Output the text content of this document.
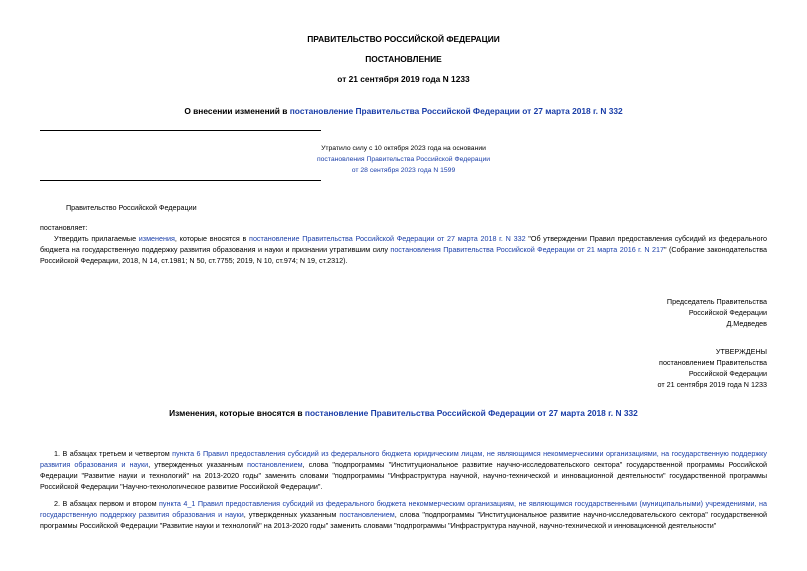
ПРАВИТЕЛЬСТВО РОССИЙСКОЙ ФЕДЕРАЦИИ
ПОСТАНОВЛЕНИЕ
от 21 сентября 2019 года N 1233
О внесении изменений в постановление Правительства Российской Федерации от 27 марта 2018 г. N 332
Утратило силу с 10 октября 2023 года на основании
постановления Правительства Российской Федерации
от 28 сентября 2023 года N 1599
Правительство Российской Федерации
постановляет:
Утвердить прилагаемые изменения, которые вносятся в постановление Правительства Российской Федерации от 27 марта 2018 г. N 332 "Об утверждении Правил предоставления субсидий из федерального бюджета на государственную поддержку развития образования и науки и признании утратившим силу постановления Правительства Российской Федерации от 21 марта 2016 г. N 217" (Собрание законодательства Российской Федерации, 2018, N 14, ст.1981; N 50, ст.7755; 2019, N 10, ст.974; N 19, ст.2312).
Председатель Правительства
Российской Федерации
Д.Медведев
УТВЕРЖДЕНЫ
постановлением Правительства
Российской Федерации
от 21 сентября 2019 года N 1233
Изменения, которые вносятся в постановление Правительства Российской Федерации от 27 марта 2018 г. N 332
1. В абзацах третьем и четвертом пункта 6 Правил предоставления субсидий из федерального бюджета юридическим лицам, не являющимся некоммерческими организациями, на государственную поддержку развития образования и науки, утвержденных указанным постановлением, слова "подпрограммы "Институциональное развитие научно-исследовательского сектора" государственной программы Российской Федерации "Развитие науки и технологий" на 2013-2020 годы" заменить словами "подпрограммы "Инфраструктура научной, научно-технической и инновационной деятельности" государственной программы Российской Федерации "Научно-технологическое развитие Российской Федерации".
2. В абзацах первом и втором пункта 4_1 Правил предоставления субсидий из федерального бюджета некоммерческим организациям, не являющимся государственными (муниципальными) учреждениями, на государственную поддержку развития образования и науки, утвержденных указанным постановлением, слова "подпрограммы "Институциональное развитие научно-исследовательского сектора" государственной программы Российской Федерации "Развитие науки и технологий" на 2013-2020 годы" заменить словами "подпрограммы "Инфраструктура научной, научно-технической и инновационной деятельности"
